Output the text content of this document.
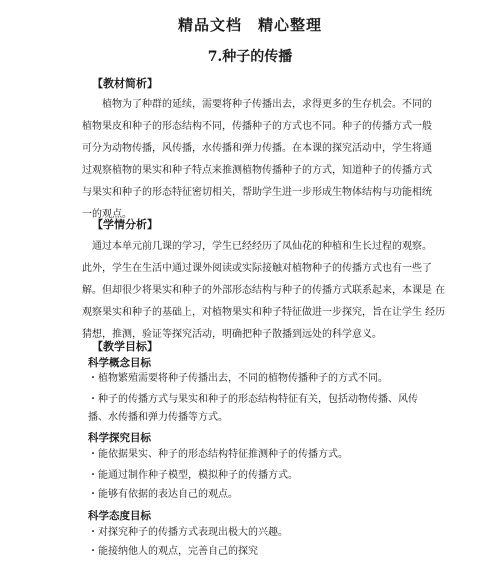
精品文档　精心整理
7.种子的传播
【教材简析】
植物为了种群的延续，需要将种子传播出去，求得更多的生存机会。不同的
植物果皮和种子的形态结构不同，传播种子的方式也不同。种子的传播方式一般
可分为动物传播，风传播，水传播和弹力传播。在本课的探究活动中，学生将通
过观察植物的果实和种子特点来推测植物传播种子的方式，知道种子的传播方式
与果实和种子的形态特征密切相关，帮助学生进一步形成生物体结构与功能相统
一的观点。
【学情分析】
通过本单元前几课的学习，学生已经经历了凤仙花的种植和生长过程的观察。
此外，学生在生活中通过课外阅读或实际接触对植物种子的传播方式也有一些了
解。但却很少将果实和种子的外部形态结构与种子的传播方式联系起来，本课是 在
观察果实和种子的基础上，对植物果实和种子特征做进一步探究，旨在让学生 经历
猜想，推测，验证等探究活动，明确把种子散播到远处的科学意义。
【教学目标】
科学概念目标
・植物繁殖需要将种子传播出去，不同的植物传播种子的方式不同。
・种子的传播方式与果实和种子的形态结构特征有关，包括动物传播、风传
播、水传播和弹力传播等方式。
科学探究目标
・能依据果实、种子的形态结构特征推测种子的传播方式。
・能通过制作种子模型，模拟种子的传播方式。
・能够有依据的表达自己的观点。
科学态度目标
・对探究种子的传播方式表现出极大的兴趣。
・能接纳他人的观点，完善自己的探究
